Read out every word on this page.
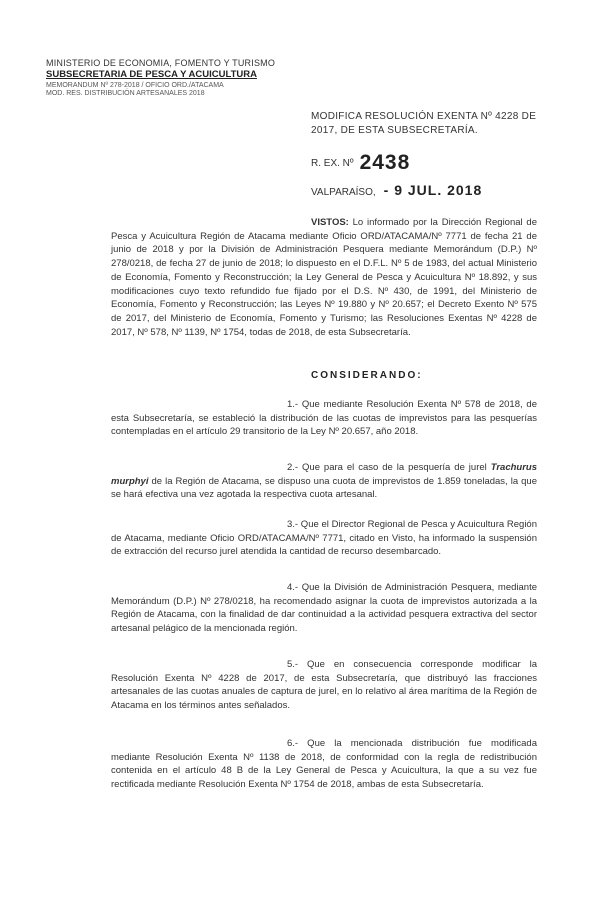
MINISTERIO DE ECONOMIA, FOMENTO Y TURISMO
SUBSECRETARIA DE PESCA Y ACUICULTURA
MEMORANDUM Nº 278-2018 / OFICIO ORD./ATACAMA
MOD. RES. DISTRIBUCIÓN ARTESANALES 2018
MODIFICA RESOLUCIÓN EXENTA Nº 4228 DE 2017, DE ESTA SUBSECRETARÍA.
R. EX. Nº 2438
VALPARAÍSO, - 9 JUL. 2018
VISTOS: Lo informado por la Dirección Regional de Pesca y Acuicultura Región de Atacama mediante Oficio ORD/ATACAMA/Nº 7771 de fecha 21 de junio de 2018 y por la División de Administración Pesquera mediante Memorándum (D.P.) Nº 278/0218, de fecha 27 de junio de 2018; lo dispuesto en el D.F.L. Nº 5 de 1983, del actual Ministerio de Economía, Fomento y Reconstrucción; la Ley General de Pesca y Acuicultura Nº 18.892, y sus modificaciones cuyo texto refundido fue fijado por el D.S. Nº 430, de 1991, del Ministerio de Economía, Fomento y Reconstrucción; las Leyes Nº 19.880 y Nº 20.657; el Decreto Exento Nº 575 de 2017, del Ministerio de Economía, Fomento y Turismo; las Resoluciones Exentas Nº 4228 de 2017, Nº 578, Nº 1139, Nº 1754, todas de 2018, de esta Subsecretaría.
CONSIDERANDO:
1.- Que mediante Resolución Exenta Nº 578 de 2018, de esta Subsecretaría, se estableció la distribución de las cuotas de imprevistos para las pesquerías contempladas en el artículo 29 transitorio de la Ley Nº 20.657, año 2018.
2.- Que para el caso de la pesquería de jurel Trachurus murphyi de la Región de Atacama, se dispuso una cuota de imprevistos de 1.859 toneladas, la que se hará efectiva una vez agotada la respectiva cuota artesanal.
3.- Que el Director Regional de Pesca y Acuicultura Región de Atacama, mediante Oficio ORD/ATACAMA/Nº 7771, citado en Visto, ha informado la suspensión de extracción del recurso jurel atendida la cantidad de recurso desembarcado.
4.- Que la División de Administración Pesquera, mediante Memorándum (D.P.) Nº 278/0218, ha recomendado asignar la cuota de imprevistos autorizada a la Región de Atacama, con la finalidad de dar continuidad a la actividad pesquera extractiva del sector artesanal pelágico de la mencionada región.
5.- Que en consecuencia corresponde modificar la Resolución Exenta Nº 4228 de 2017, de esta Subsecretaría, que distribuyó las fracciones artesanales de las cuotas anuales de captura de jurel, en lo relativo al área marítima de la Región de Atacama en los términos antes señalados.
6.- Que la mencionada distribución fue modificada mediante Resolución Exenta Nº 1138 de 2018, de conformidad con la regla de redistribución contenida en el artículo 48 B de la Ley General de Pesca y Acuicultura, la que a su vez fue rectificada mediante Resolución Exenta Nº 1754 de 2018, ambas de esta Subsecretaría.
